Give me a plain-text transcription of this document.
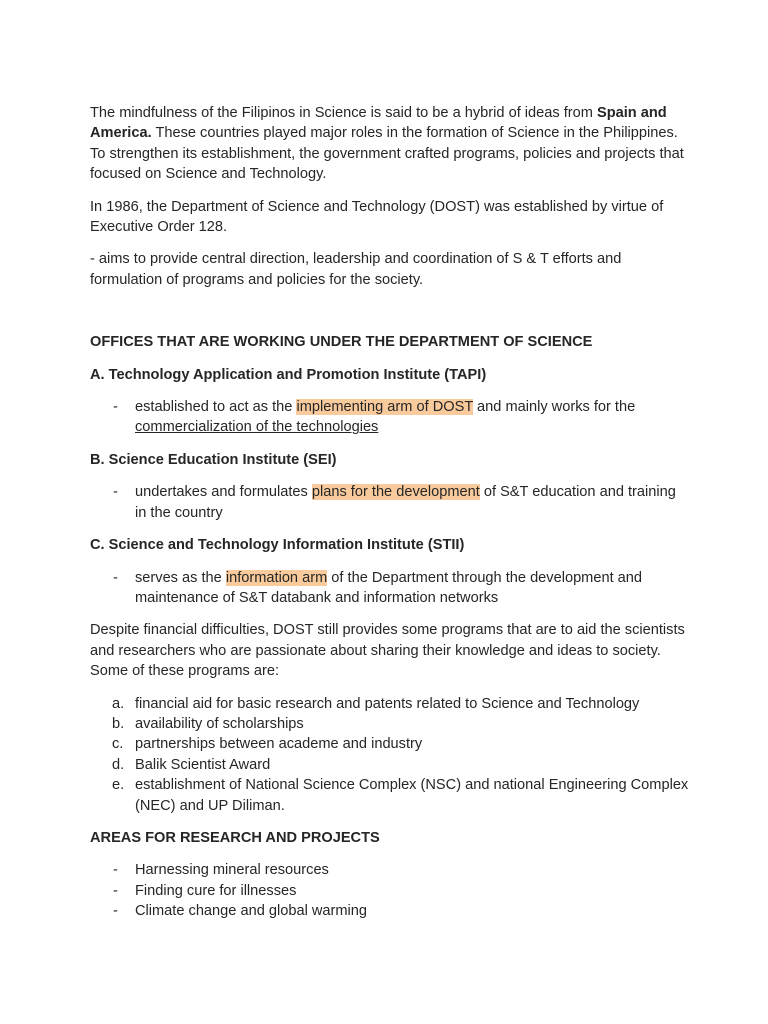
The mindfulness of the Filipinos in Science is said to be a hybrid of ideas from Spain and America. These countries played major roles in the formation of Science in the Philippines. To strengthen its establishment, the government crafted programs, policies and projects that focused on Science and Technology.

In 1986, the Department of Science and Technology (DOST) was established by virtue of Executive Order 128.

- aims to provide central direction, leadership and coordination of S & T efforts and formulation of programs and policies for the society.

OFFICES THAT ARE WORKING UNDER THE DEPARTMENT OF SCIENCE

A. Technology Application and Promotion Institute (TAPI)

- established to act as the implementing arm of DOST and mainly works for the commercialization of the technologies

B. Science Education Institute (SEI)

- undertakes and formulates plans for the development of S&T education and training in the country

C. Science and Technology Information Institute (STII)

- serves as the information arm of the Department through the development and maintenance of S&T databank and information networks

Despite financial difficulties, DOST still provides some programs that are to aid the scientists and researchers who are passionate about sharing their knowledge and ideas to society. Some of these programs are:

a. financial aid for basic research and patents related to Science and Technology
b. availability of scholarships
c. partnerships between academe and industry
d. Balik Scientist Award
e. establishment of National Science Complex (NSC) and national Engineering Complex (NEC) and UP Diliman.

AREAS FOR RESEARCH AND PROJECTS

- Harnessing mineral resources
- Finding cure for illnesses
- Climate change and global warming
